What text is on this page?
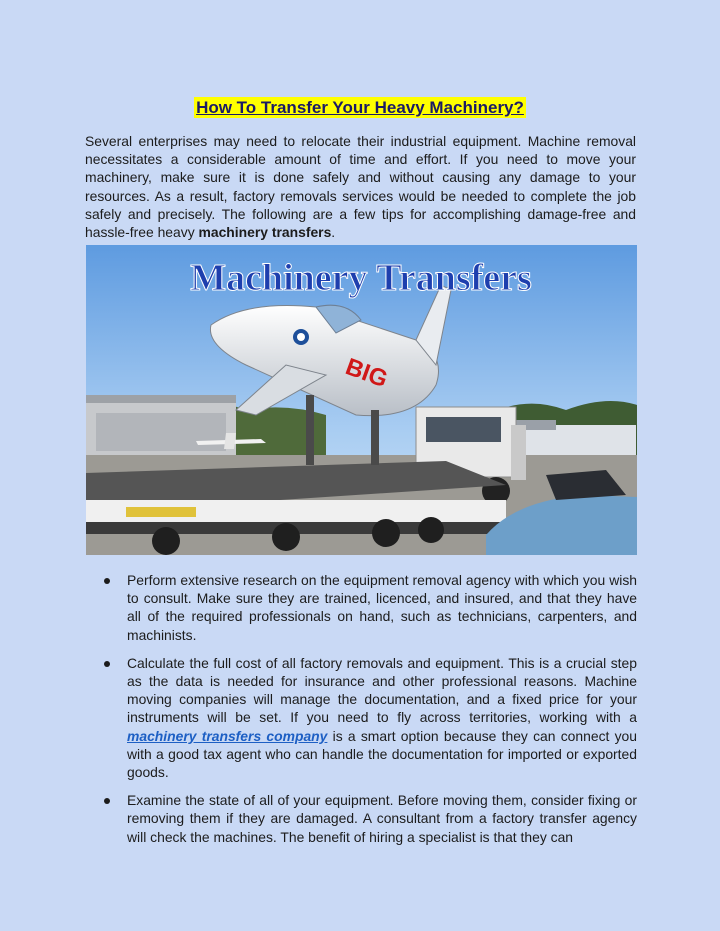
How To Transfer Your Heavy Machinery?

Several enterprises may need to relocate their industrial equipment. Machine removal necessitates a considerable amount of time and effort. If you need to move your machinery, make sure it is done safely and without causing any damage to your resources. As a result, factory removals services would be needed to complete the job safely and precisely. The following are a few tips for accomplishing damage-free and hassle-free heavy machinery transfers.

BIG
Machinery Transfers
Perform extensive research on the equipment removal agency with which you wish to consult. Make sure they are trained, licenced, and insured, and that they have all of the required professionals on hand, such as technicians, carpenters, and machinists.
Calculate the full cost of all factory removals and equipment. This is a crucial step as the data is needed for insurance and other professional reasons. Machine moving companies will manage the documentation, and a fixed price for your instruments will be set. If you need to fly across territories, working with a machinery transfers company is a smart option because they can connect you with a good tax agent who can handle the documentation for imported or exported goods.
Examine the state of all of your equipment. Before moving them, consider fixing or removing them if they are damaged. A consultant from a factory transfer agency will check the machines. The benefit of hiring a specialist is that they can
